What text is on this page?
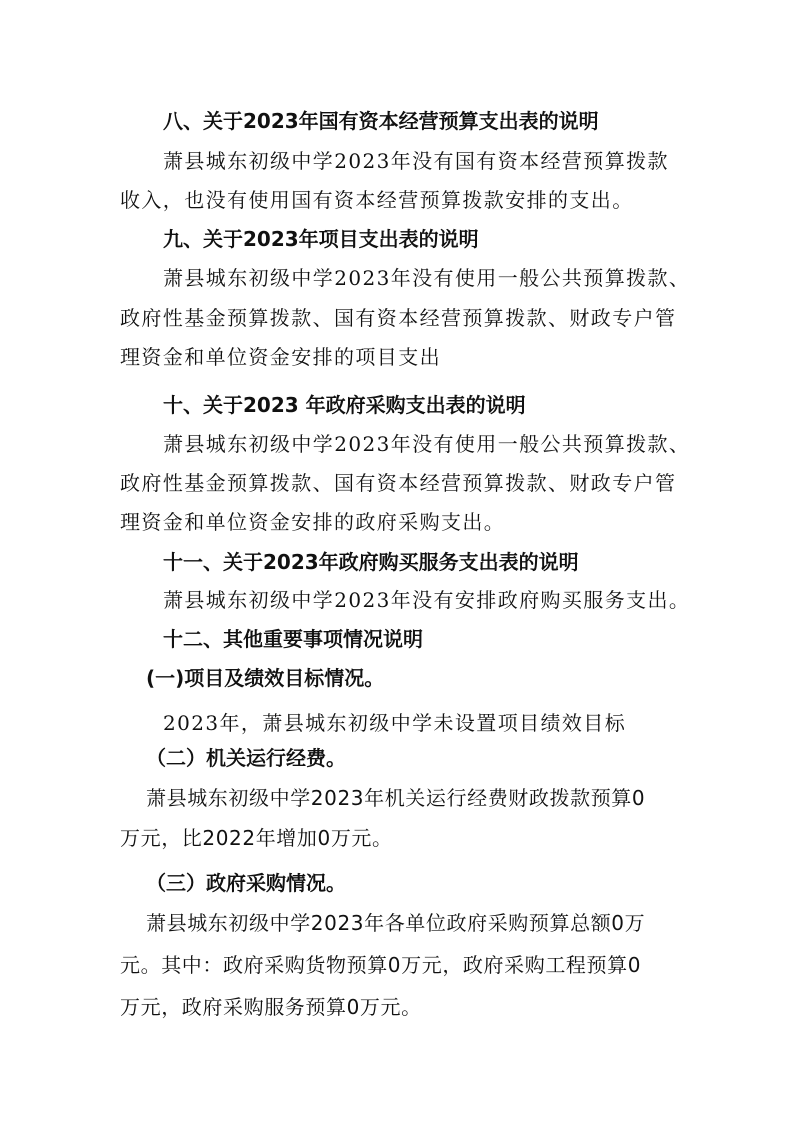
八、关于2023年国有资本经营预算支出表的说明
萧县城东初级中学2023年没有国有资本经营预算拨款
收入，也没有使用国有资本经营预算拨款安排的支出。
九、关于2023年项目支出表的说明
萧县城东初级中学2023年没有使用一般公共预算拨款、
政府性基金预算拨款、国有资本经营预算拨款、财政专户管
理资金和单位资金安排的项目支出
十、关于2023 年政府采购支出表的说明
萧县城东初级中学2023年没有使用一般公共预算拨款、
政府性基金预算拨款、国有资本经营预算拨款、财政专户管
理资金和单位资金安排的政府采购支出。
十一、关于2023年政府购买服务支出表的说明
萧县城东初级中学2023年没有安排政府购买服务支出。
十二、其他重要事项情况说明
(一)项目及绩效目标情况。
2023年，萧县城东初级中学未设置项目绩效目标
（二）机关运行经费。
萧县城东初级中学2023年机关运行经费财政拨款预算0
万元，比2022年增加0万元。
（三）政府采购情况。
萧县城东初级中学2023年各单位政府采购预算总额0万
元。其中：政府采购货物预算0万元，政府采购工程预算0
万元，政府采购服务预算0万元。
